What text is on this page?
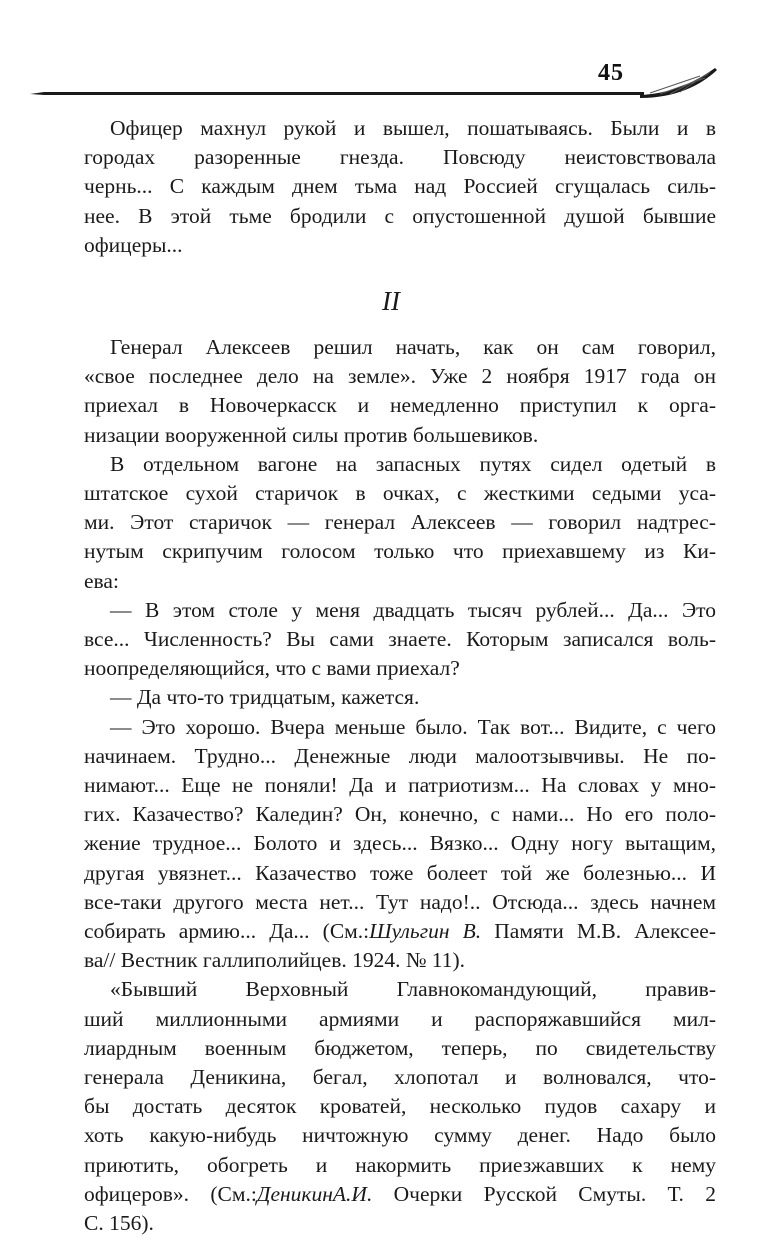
45
Офицер махнул рукой и вышел, пошатываясь. Были и в
городах разоренные гнезда. Повсюду неистовствовала
чернь... С каждым днем тьма над Россией сгущалась силь-
нее. В этой тьме бродили с опустошенной душой бывшие
офицеры...
II
Генерал Алексеев решил начать, как он сам говорил,
«свое последнее дело на земле». Уже 2 ноября 1917 года он
приехал в Новочеркасск и немедленно приступил к орга-
низации вооруженной силы против большевиков.
В отдельном вагоне на запасных путях сидел одетый в
штатское сухой старичок в очках, с жесткими седыми уса-
ми. Этот старичок — генерал Алексеев — говорил надтрес-
нутым скрипучим голосом только что приехавшему из Ки-
ева:
— В этом столе у меня двадцать тысяч рублей... Да... Это
все... Численность? Вы сами знаете. Которым записался воль-
ноопределяющийся, что с вами приехал?
— Да что-то тридцатым, кажется.
— Это хорошо. Вчера меньше было. Так вот... Видите, с чего
начинаем. Трудно... Денежные люди малоотзывчивы. Не по-
нимают... Еще не поняли! Да и патриотизм... На словах у мно-
гих. Казачество? Каледин? Он, конечно, с нами... Но его поло-
жение трудное... Болото и здесь... Вязко... Одну ногу вытащим,
другая увязнет... Казачество тоже болеет той же болезнью... И
все-таки другого места нет... Тут надо!.. Отсюда... здесь начнем
собирать армию... Да... (См.:Шульгин В. Памяти М.В. Алексее-
ва// Вестник галлиполийцев. 1924. № 11).
«Бывший Верховный Главнокомандующий, правив-
ший миллионными армиями и распоряжавшийся мил-
лиардным военным бюджетом, теперь, по свидетельству
генерала Деникина, бегал, хлопотал и волновался, что-
бы достать десяток кроватей, несколько пудов сахару и
хоть какую-нибудь ничтожную сумму денег. Надо было
приютить, обогреть и накормить приезжавших к нему
офицеров». (См.:ДеникинА.И. Очерки Русской Смуты. Т. 2
С. 156).
